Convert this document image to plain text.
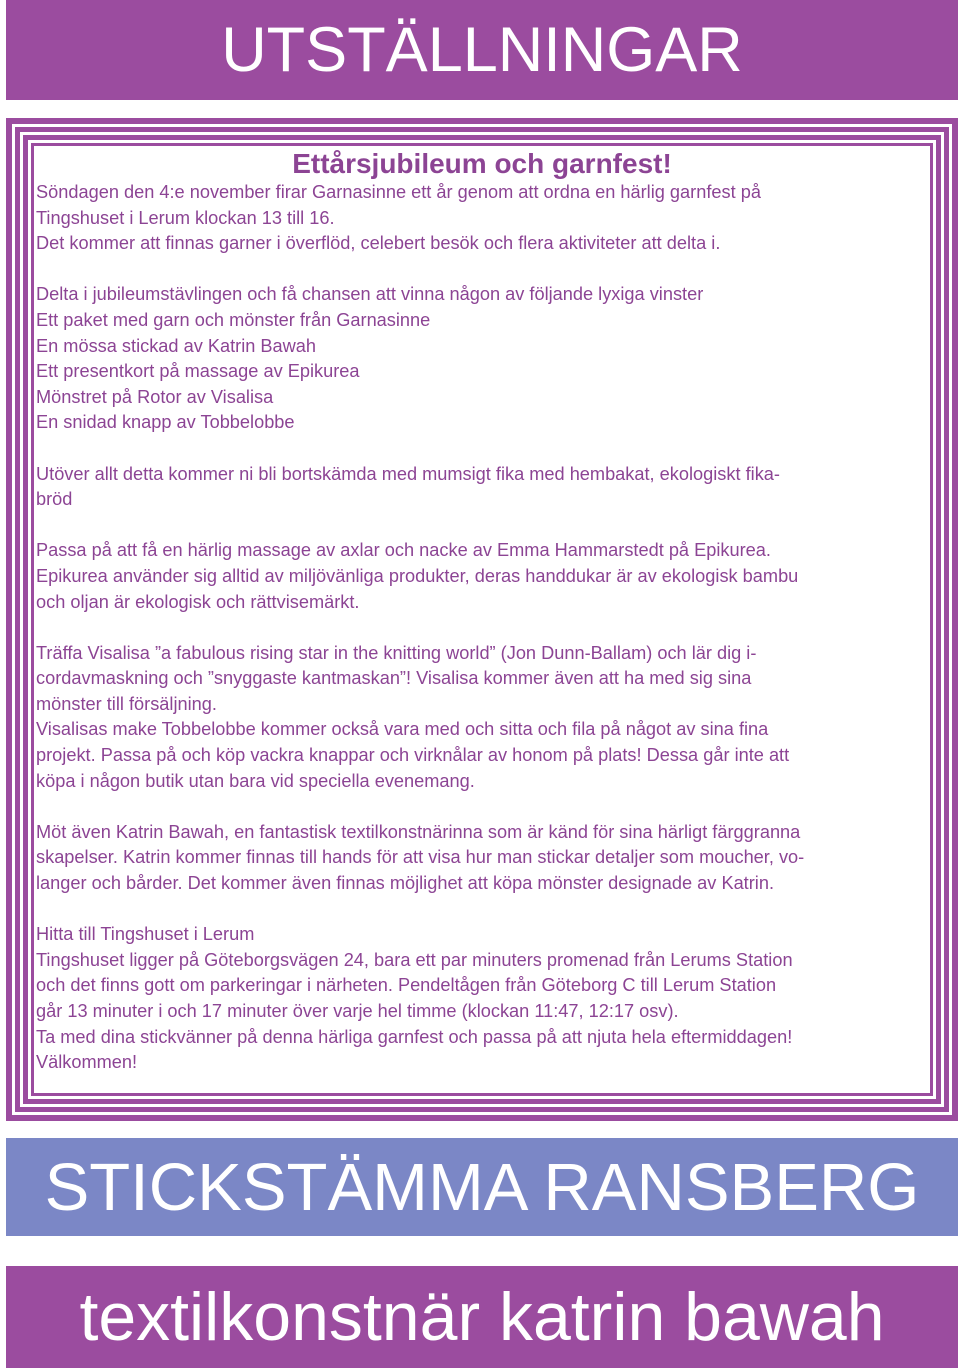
UTSTÄLLNINGAR

Ettårsjubileum och garnfest!

Söndagen den 4:e november firar Garnasinne ett år genom att ordna en härlig garnfest på

Tingshuset i Lerum klockan 13 till 16.

Det kommer att finnas garner i överflöd, celebert besök och flera aktiviteter att delta i.

Delta i jubileumstävlingen och få chansen att vinna någon av följande lyxiga vinster

Ett paket med garn och mönster från Garnasinne

En mössa stickad av Katrin Bawah

Ett presentkort på massage av Epikurea

Mönstret på Rotor av Visalisa

En snidad knapp av Tobbelobbe

Utöver allt detta kommer ni bli bortskämda med mumsigt fika med hembakat, ekologiskt fika-

bröd

Passa på att få en härlig massage av axlar och nacke av Emma Hammarstedt på Epikurea.

Epikurea använder sig alltid av miljövänliga produkter, deras handdukar är av ekologisk bambu

och oljan är ekologisk och rättvisemärkt.

Träffa Visalisa ”a fabulous rising star in the knitting world” (Jon Dunn-Ballam) och lär dig i-

cordavmaskning och ”snyggaste kantmaskan”! Visalisa kommer även att ha med sig sina

mönster till försäljning.

Visalisas make Tobbelobbe kommer också vara med och sitta och fila på något av sina fina

projekt. Passa på och köp vackra knappar och virknålar av honom på plats! Dessa går inte att

köpa i någon butik utan bara vid speciella evenemang.

Möt även Katrin Bawah, en fantastisk textilkonstnärinna som är känd för sina härligt färggranna

skapelser. Katrin kommer finnas till hands för att visa hur man stickar detaljer som moucher, vo-

langer och bårder. Det kommer även finnas möjlighet att köpa mönster designade av Katrin.

Hitta till Tingshuset i Lerum

Tingshuset ligger på Göteborgsvägen 24, bara ett par minuters promenad från Lerums Station

och det finns gott om parkeringar i närheten. Pendeltågen från Göteborg C till Lerum Station

går 13 minuter i och 17 minuter över varje hel timme (klockan 11:47, 12:17 osv).

Ta med dina stickvänner på denna härliga garnfest och passa på att njuta hela eftermiddagen!

Välkommen!

STICKSTÄMMA RANSBERG
textilkonstnär katrin bawah
